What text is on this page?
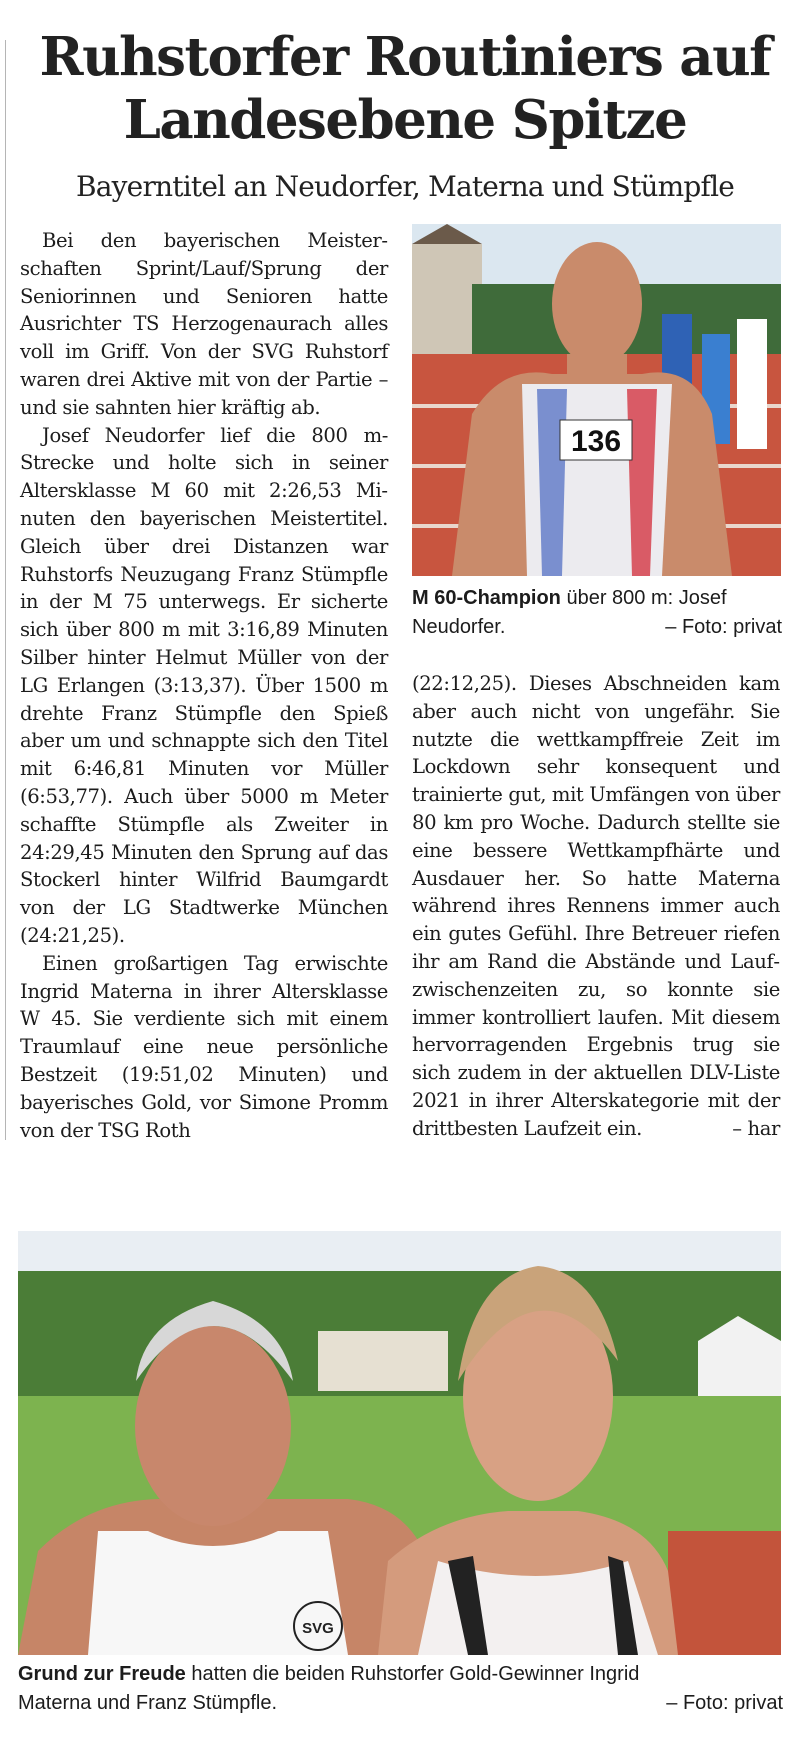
Ruhstorfer Routiniers auf
Landesebene Spitze
Bayerntitel an Neudorfer, Materna und Stümpfle

Bei den bayerischen Meisterschaften Sprint/Lauf/Sprung der Seniorinnen und Senioren hatte Ausrichter TS Herzogenaurach alles voll im Griff. Von der SVG Ruhstorf waren drei Aktive mit von der Partie – und sie sahnten hier kräftig ab.

Josef Neudorfer lief die 800 m-Strecke und holte sich in seiner Altersklasse M 60 mit 2:26,53 Minuten den bayerischen Meistertitel. Gleich über drei Distanzen war Ruhstorfs Neuzugang Franz Stümpfle in der M 75 unterwegs. Er sicherte sich über 800 m mit 3:16,89 Minuten Silber hinter Helmut Müller von der LG Erlangen (3:13,37). Über 1500 m drehte Franz Stümpfle den Spieß aber um und schnappte sich den Titel mit 6:46,81 Minuten vor Müller (6:53,77). Auch über 5000 m Meter schaffte Stümpfle als Zweiter in 24:29,45 Minuten den Sprung auf das Stockerl hinter Wilfrid Baumgardt von der LG Stadtwerke München (24:21,25).

Einen großartigen Tag erwischte Ingrid Materna in ihrer Altersklasse W 45. Sie verdiente sich mit einem Traumlauf eine neue persönliche Bestzeit (19:51,02 Minuten) und bayerisches Gold, vor Simone Promm von der TSG Roth

136
M 60-Champion über 800 m: Josef
Neudorfer.	– Foto: privat

(22:12,25). Dieses Abschneiden kam aber auch nicht von ungefähr. Sie nutzte die wettkampffreie Zeit im Lockdown sehr konsequent und trainierte gut, mit Umfängen von über 80 km pro Woche. Dadurch stellte sie eine bessere Wettkampfhärte und Ausdauer her. So hatte Materna während ihres Rennens immer auch ein gutes Gefühl. Ihre Betreuer riefen ihr am Rand die Abstände und Laufzwischenzeiten zu, so konnte sie immer kontrolliert laufen. Mit diesem hervorragenden Ergebnis trug sie sich zudem in der aktuellen DLV-Liste 2021 in ihrer Alterskategorie mit der drittbesten Laufzeit ein.	– har

SVG
Grund zur Freude hatten die beiden Ruhstorfer Gold-Gewinner Ingrid
Materna und Franz Stümpfle.	– Foto: privat
